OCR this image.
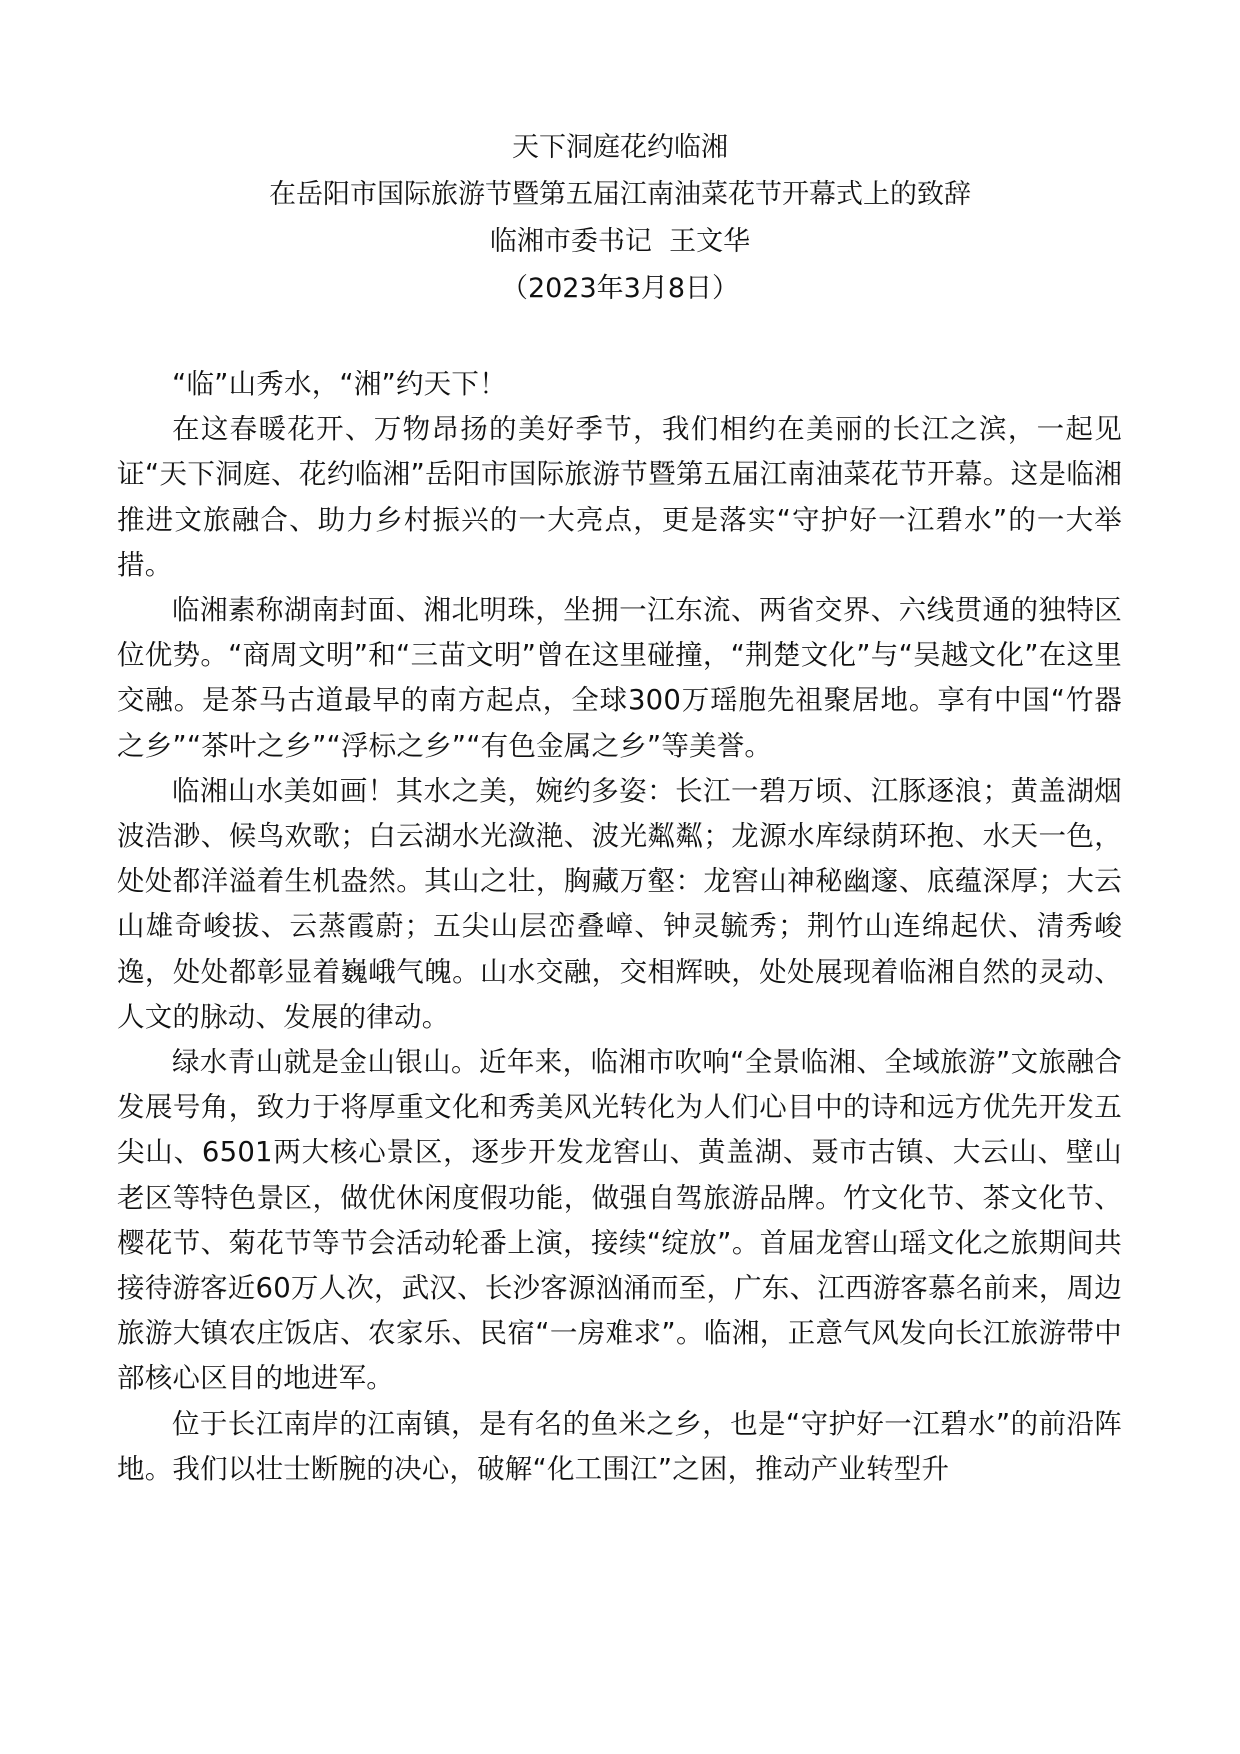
天下洞庭花约临湘
在岳阳市国际旅游节暨第五届江南油菜花节开幕式上的致辞
临湘市委书记  王文华
（2023年3月8日）

“临”山秀水，“湘”约天下！

在这春暖花开、万物昂扬的美好季节，我们相约在美丽的长江之滨，一起见证“天下洞庭、花约临湘”岳阳市国际旅游节暨第五届江南油菜花节开幕。这是临湘推进文旅融合、助力乡村振兴的一大亮点，更是落实“守护好一江碧水”的一大举措。

临湘素称湖南封面、湘北明珠，坐拥一江东流、两省交界、六线贯通的独特区位优势。“商周文明”和“三苗文明”曾在这里碰撞，“荆楚文化”与“吴越文化”在这里交融。是茶马古道最早的南方起点，全球300万瑶胞先祖聚居地。享有中国“竹器之乡”“茶叶之乡”“浮标之乡”“有色金属之乡”等美誉。

临湘山水美如画！其水之美，婉约多姿：长江一碧万顷、江豚逐浪；黄盖湖烟波浩渺、候鸟欢歌；白云湖水光潋滟、波光粼粼；龙源水库绿荫环抱、水天一色，处处都洋溢着生机盎然。其山之壮，胸藏万壑：龙窖山神秘幽邃、底蕴深厚；大云山雄奇峻拔、云蒸霞蔚；五尖山层峦叠嶂、钟灵毓秀；荆竹山连绵起伏、清秀峻逸，处处都彰显着巍峨气魄。山水交融，交相辉映，处处展现着临湘自然的灵动、人文的脉动、发展的律动。

绿水青山就是金山银山。近年来，临湘市吹响“全景临湘、全域旅游”文旅融合发展号角，致力于将厚重文化和秀美风光转化为人们心目中的诗和远方优先开发五尖山、6501两大核心景区，逐步开发龙窖山、黄盖湖、聂市古镇、大云山、壁山老区等特色景区，做优休闲度假功能，做强自驾旅游品牌。竹文化节、茶文化节、樱花节、菊花节等节会活动轮番上演，接续“绽放”。首届龙窖山瑶文化之旅期间共接待游客近60万人次，武汉、长沙客源汹涌而至，广东、江西游客慕名前来，周边旅游大镇农庄饭店、农家乐、民宿“一房难求”。临湘，正意气风发向长江旅游带中部核心区目的地进军。

位于长江南岸的江南镇，是有名的鱼米之乡，也是“守护好一江碧水”的前沿阵地。我们以壮士断腕的决心，破解“化工围江”之困，推动产业转型升
